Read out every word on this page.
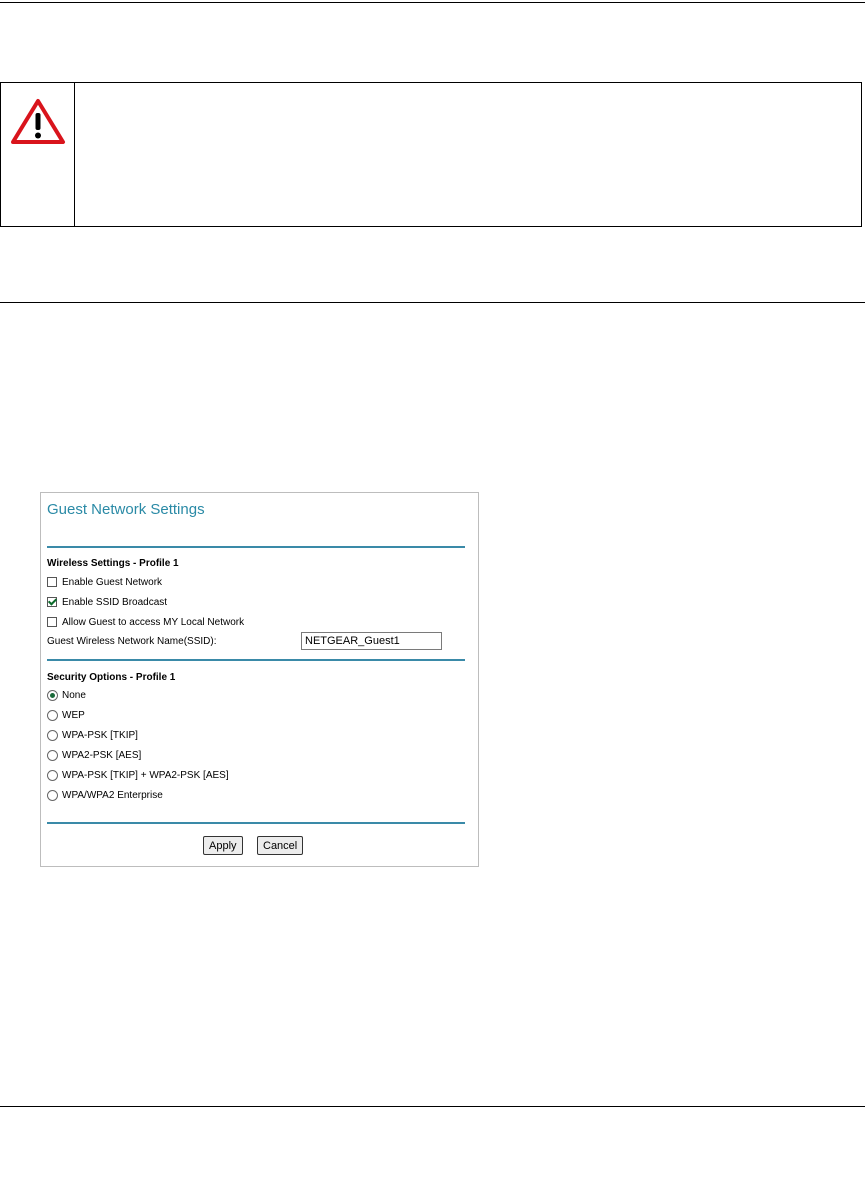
Guest Network Settings
Wireless Settings - Profile 1
Enable Guest Network
Enable SSID Broadcast
Allow Guest to access MY Local Network
Guest Wireless Network Name(SSID):
NETGEAR_Guest1
Security Options - Profile 1
None
WEP
WPA-PSK [TKIP]
WPA2-PSK [AES]
WPA-PSK [TKIP] + WPA2-PSK [AES]
WPA/WPA2 Enterprise
Apply	Cancel
